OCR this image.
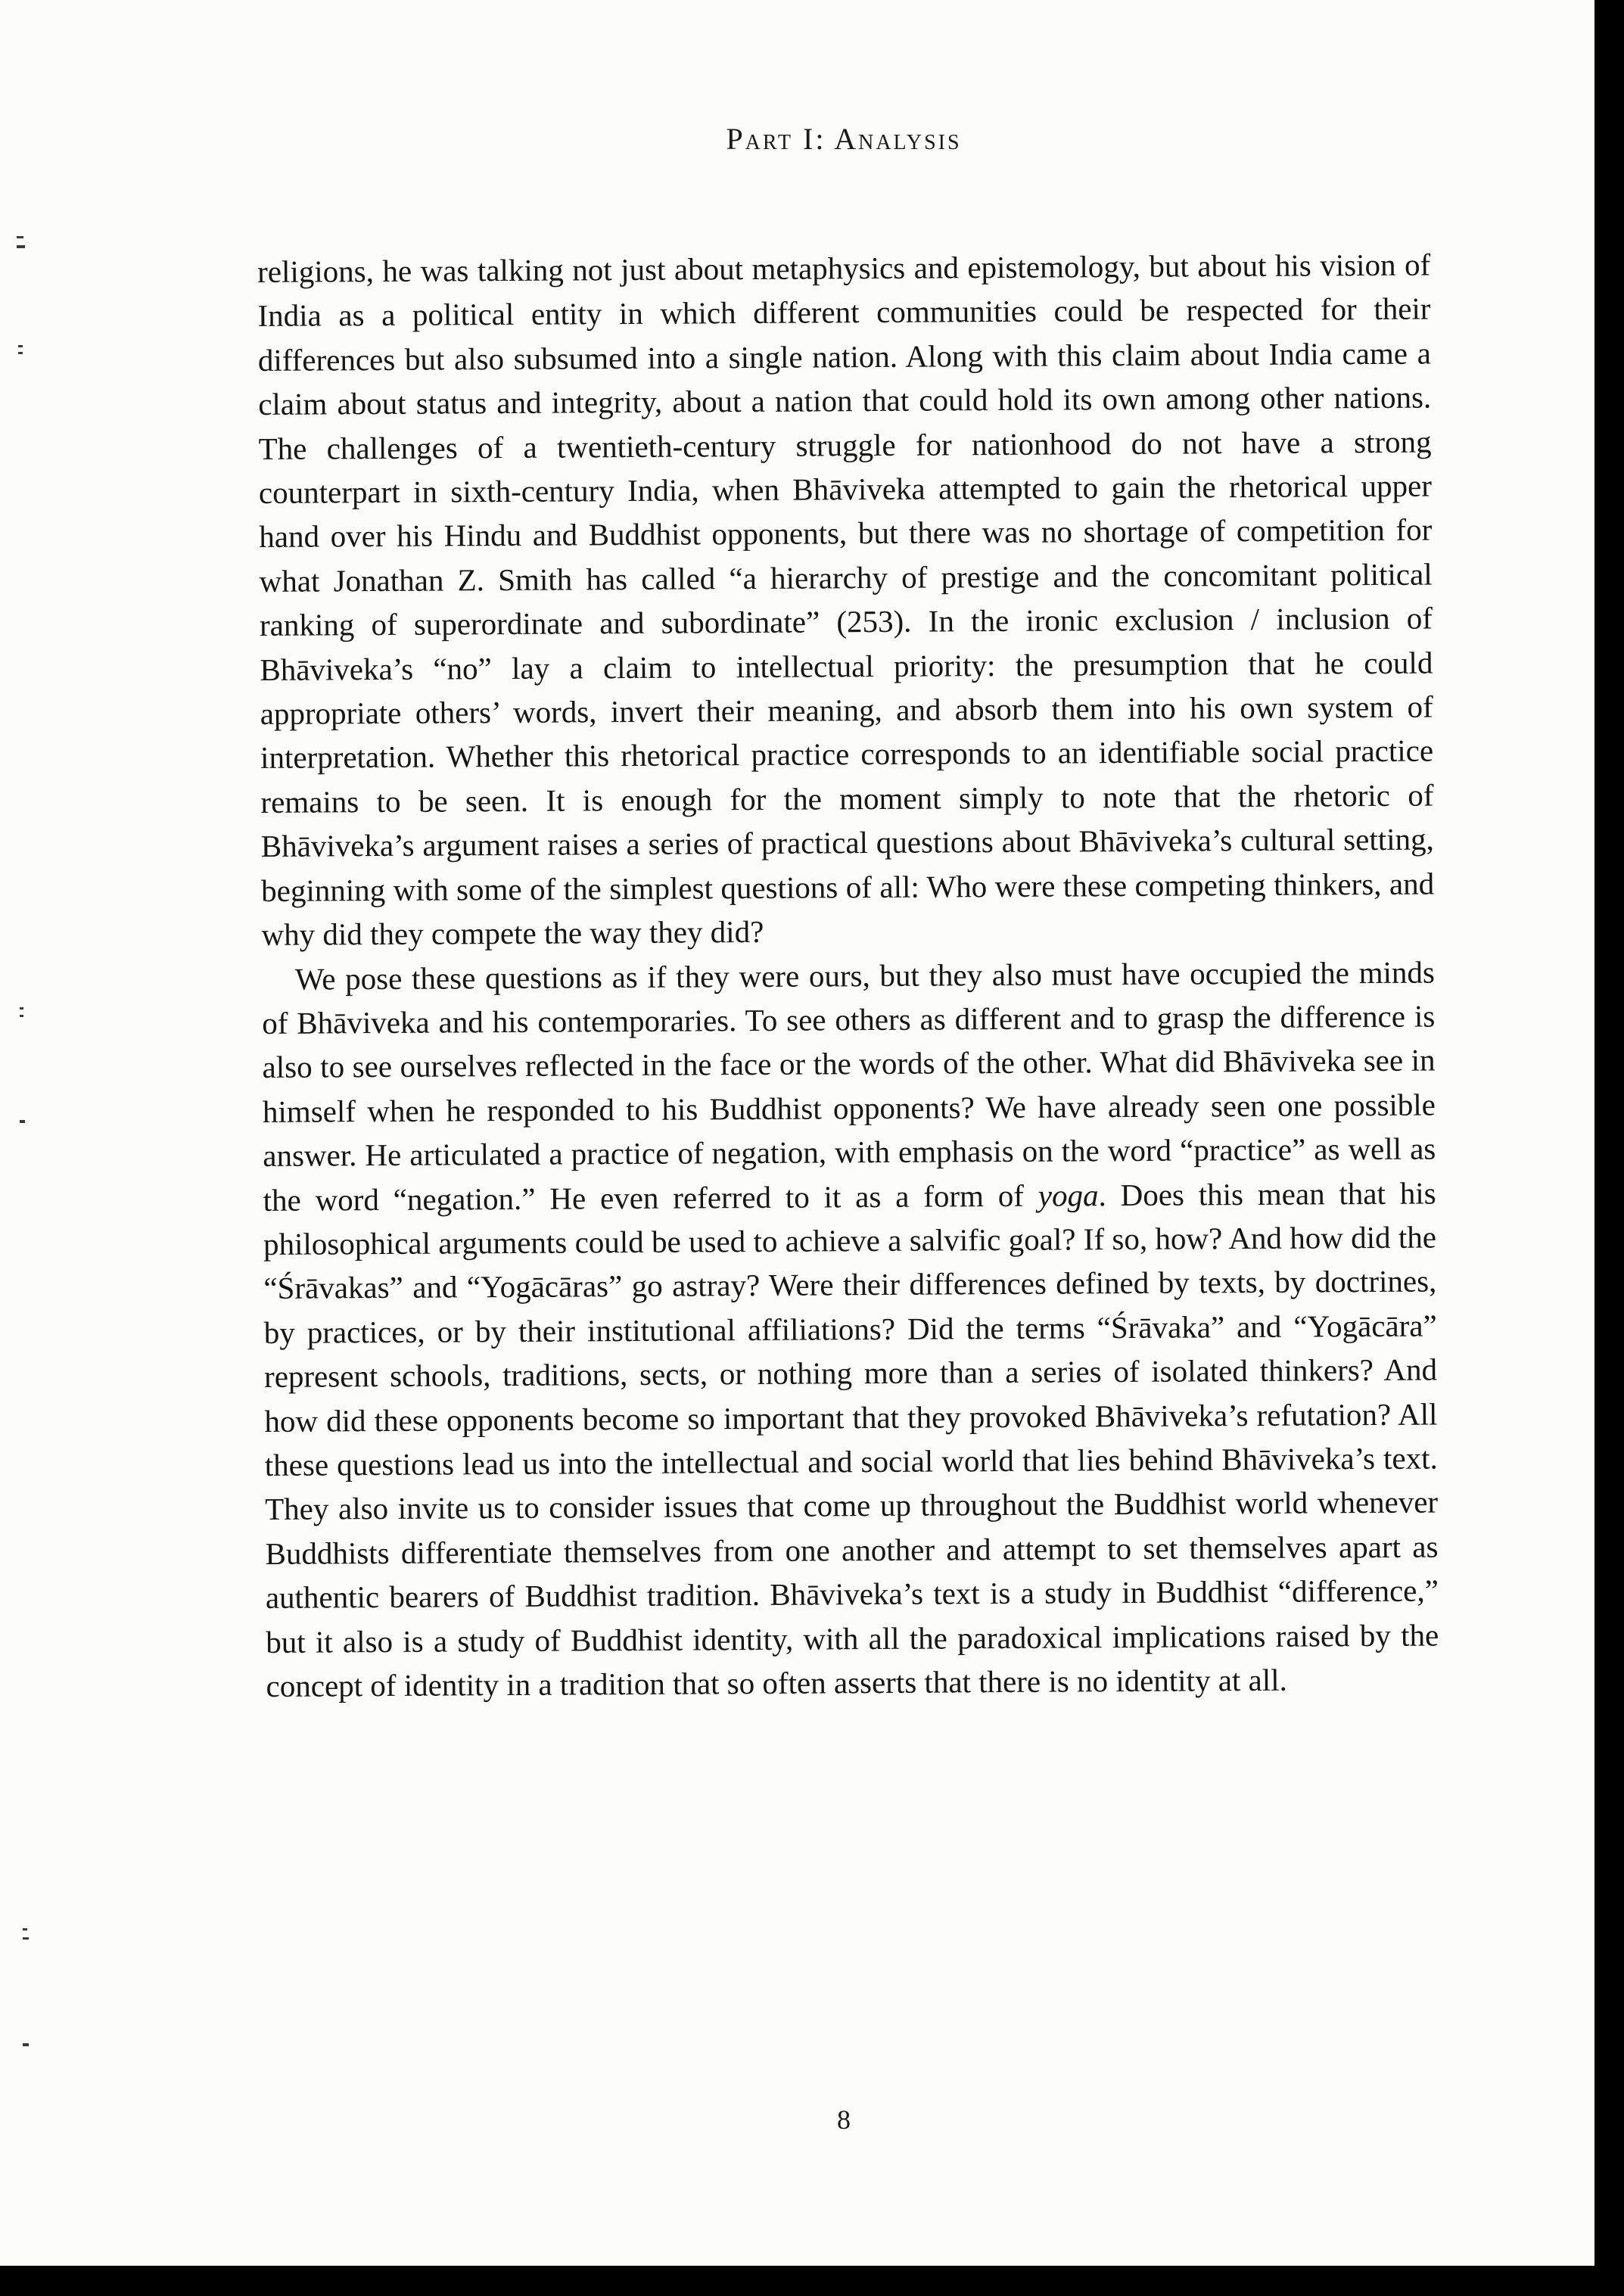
Part I: Analysis

religions, he was talking not just about metaphysics and epistemology, but about his vision of India as a political entity in which different communities could be respected for their differences but also subsumed into a single nation. Along with this claim about India came a claim about status and integrity, about a nation that could hold its own among other nations. The challenges of a twentieth-century struggle for nationhood do not have a strong counterpart in sixth-century India, when Bhāviveka attempted to gain the rhetorical upper hand over his Hindu and Buddhist opponents, but there was no shortage of competition for what Jonathan Z. Smith has called “a hierarchy of prestige and the concomitant political ranking of superordinate and subordinate” (253). In the ironic exclusion / inclusion of Bhāviveka’s “no” lay a claim to intellectual priority: the presumption that he could appropriate others’ words, invert their meaning, and absorb them into his own system of interpretation. Whether this rhetorical practice corresponds to an identifiable social practice remains to be seen. It is enough for the moment simply to note that the rhetoric of Bhāviveka’s argument raises a series of practical questions about Bhāviveka’s cultural setting, beginning with some of the simplest questions of all: Who were these competing thinkers, and why did they compete the way they did?

We pose these questions as if they were ours, but they also must have occupied the minds of Bhāviveka and his contemporaries. To see others as different and to grasp the difference is also to see ourselves reflected in the face or the words of the other. What did Bhāviveka see in himself when he responded to his Buddhist opponents? We have already seen one possible answer. He articulated a practice of negation, with emphasis on the word “practice” as well as the word “negation.” He even referred to it as a form of yoga. Does this mean that his philosophical arguments could be used to achieve a salvific goal? If so, how? And how did the “Śrāvakas” and “Yogācāras” go astray? Were their differences defined by texts, by doctrines, by practices, or by their institutional affiliations? Did the terms “Śrāvaka” and “Yogācāra” represent schools, traditions, sects, or nothing more than a series of isolated thinkers? And how did these opponents become so important that they provoked Bhāviveka’s refutation? All these questions lead us into the intellectual and social world that lies behind Bhāviveka’s text. They also invite us to consider issues that come up throughout the Buddhist world whenever Buddhists differentiate themselves from one another and attempt to set themselves apart as authentic bearers of Buddhist tradition. Bhāviveka’s text is a study in Buddhist “difference,” but it also is a study of Buddhist identity, with all the paradoxical implications raised by the concept of identity in a tradition that so often asserts that there is no identity at all.

8
